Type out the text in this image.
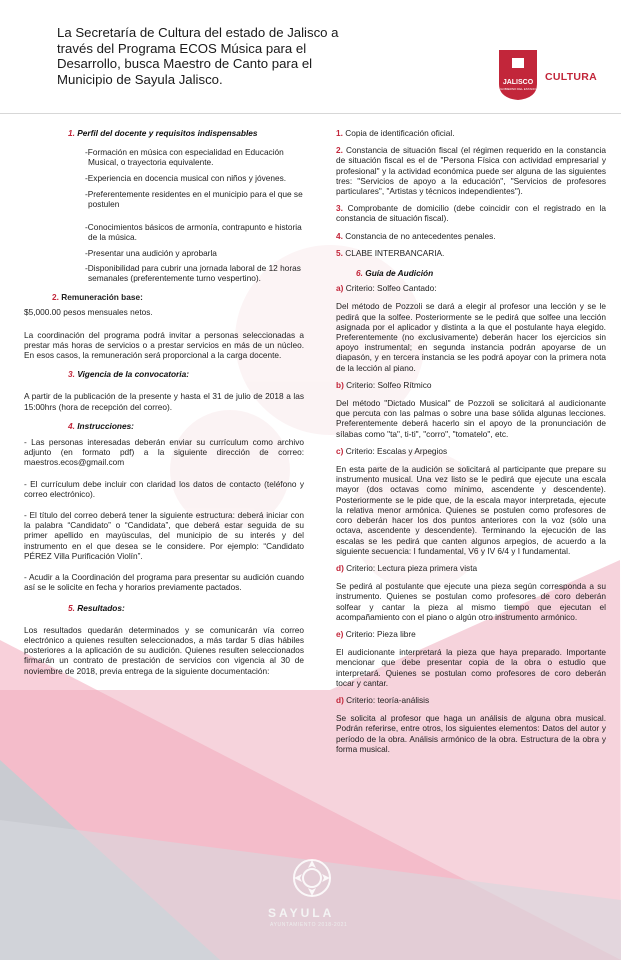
La Secretaría de Cultura del estado de Jalisco a través del Programa ECOS Música para el Desarrollo, busca Maestro de Canto para el Municipio de Sayula Jalisco.	JALISCO
GOBIERNO DEL ESTADO
CULTURA

1. Perfil del docente y requisitos indispensables

-Formación en música con especialidad en Educación Musical, o trayectoria equivalente.

-Experiencia en docencia musical con niños y jóvenes.

-Preferentemente residentes en el municipio para el que se postulen

-Conocimientos básicos de armonía, contrapunto e historia de la música.

-Presentar una audición y aprobarla

-Disponibilidad para cubrir una jornada laboral de 12 horas semanales (preferentemente turno vespertino).

2. Remuneración base:

$5,000.00 pesos mensuales netos.

La coordinación del programa podrá invitar a personas seleccionadas a prestar más horas de servicios o a prestar servicios en más de un núcleo. En esos casos, la remuneración será proporcional a la carga docente.

3. Vigencia de la convocatoria:

A partir de la publicación de la presente y hasta el 31 de julio de 2018 a las 15:00hrs (hora de recepción del correo).

4. Instrucciones:

- Las personas interesadas deberán enviar su currículum como archivo adjunto (en formato pdf) a la siguiente dirección de correo: maestros.ecos@gmail.com

- El currículum debe incluir con claridad los datos de contacto (teléfono y correo electrónico).

- El título del correo deberá tener la siguiente estructura: deberá iniciar con la palabra “Candidato” o “Candidata”, que deberá estar seguida de su primer apellido en mayúsculas, del municipio de su interés y del instrumento en el que desea se le considere. Por ejemplo: “Candidato PÉREZ Villa Purificación Violín”.

- Acudir a la Coordinación del programa para presentar su audición cuando así se le solicite en fecha y horarios previamente pactados.

5. Resultados:

Los resultados quedarán determinados y se comunicarán vía correo electrónico a quienes resulten seleccionados, a más tardar 5 días hábiles posteriores a la aplicación de su audición. Quienes resulten seleccionados firmarán un contrato de prestación de servicios con vigencia al 30 de noviembre de 2018, previa entrega de la siguiente documentación:

1. Copia de identificación oficial.

2. Constancia de situación fiscal (el régimen requerido en la constancia de situación fiscal es el de "Persona Física con actividad empresarial y profesional" y la actividad económica puede ser alguna de las siguientes tres: "Servicios de apoyo a la educación", "Servicios de profesores particulares", "Artistas y técnicos independientes").

3. Comprobante de domicilio (debe coincidir con el registrado en la constancia de situación fiscal).

4. Constancia de no antecedentes penales.

5. CLABE INTERBANCARIA.

6. Guía de Audición

a) Criterio: Solfeo Cantado:

Del método de Pozzoli se dará a elegir al profesor una lección y se le pedirá que la solfee. Posteriormente se le pedirá que solfee una lección asignada por el aplicador y distinta a la que el postulante haya elegido. Preferentemente (no exclusivamente) deberán hacer los ejercicios sin apoyo instrumental; en segunda instancia podrán apoyarse de un diapasón, y en tercera instancia se les podrá apoyar con la primera nota de la lección al piano.

b) Criterio: Solfeo Rítmico

Del método "Dictado Musical" de Pozzoli se solicitará al audicionante que percuta con las palmas o sobre una base sólida algunas lecciones. Preferentemente deberá hacerlo sin el apoyo de la pronunciación de sílabas como "ta", ti-ti", "corro", "tomatelo", etc.

c) Criterio: Escalas y Arpegios

En esta parte de la audición se solicitará al participante que prepare su instrumento musical. Una vez listo se le pedirá que ejecute una escala mayor (dos octavas como mínimo, ascendente y descendente). Posteriormente se le pide que, de la escala mayor interpretada, ejecute la relativa menor armónica. Quienes se postulen como profesores de coro deberán hacer los dos puntos anteriores con la voz (sólo una octava, ascendente y descendente). Terminando la ejecución de las escalas se les pedirá que canten algunos arpegios, de acuerdo a la siguiente secuencia: I fundamental, V6 y IV 6/4 y I fundamental.

d) Criterio: Lectura pieza primera vista

Se pedirá al postulante que ejecute una pieza según corresponda a su instrumento. Quienes se postulan como profesores de coro deberán solfear y cantar la pieza al mismo tiempo que ejecutan el acompañamiento con el piano o algún otro instrumento armónico.

e) Criterio: Pieza libre

El audicionante interpretará la pieza que haya preparado. Importante mencionar que debe presentar copia de la obra o estudio que interpretará. Quienes se postulan como profesores de coro deberán tocar y cantar.

d) Criterio: teoría-análisis

Se solicita al profesor que haga un análisis de alguna obra musical. Podrán referirse, entre otros, los siguientes elementos: Datos del autor y período de la obra. Análisis armónico de la obra. Estructura de la obra y forma musical.

SAYULA
AYUNTAMIENTO 2018-2021
